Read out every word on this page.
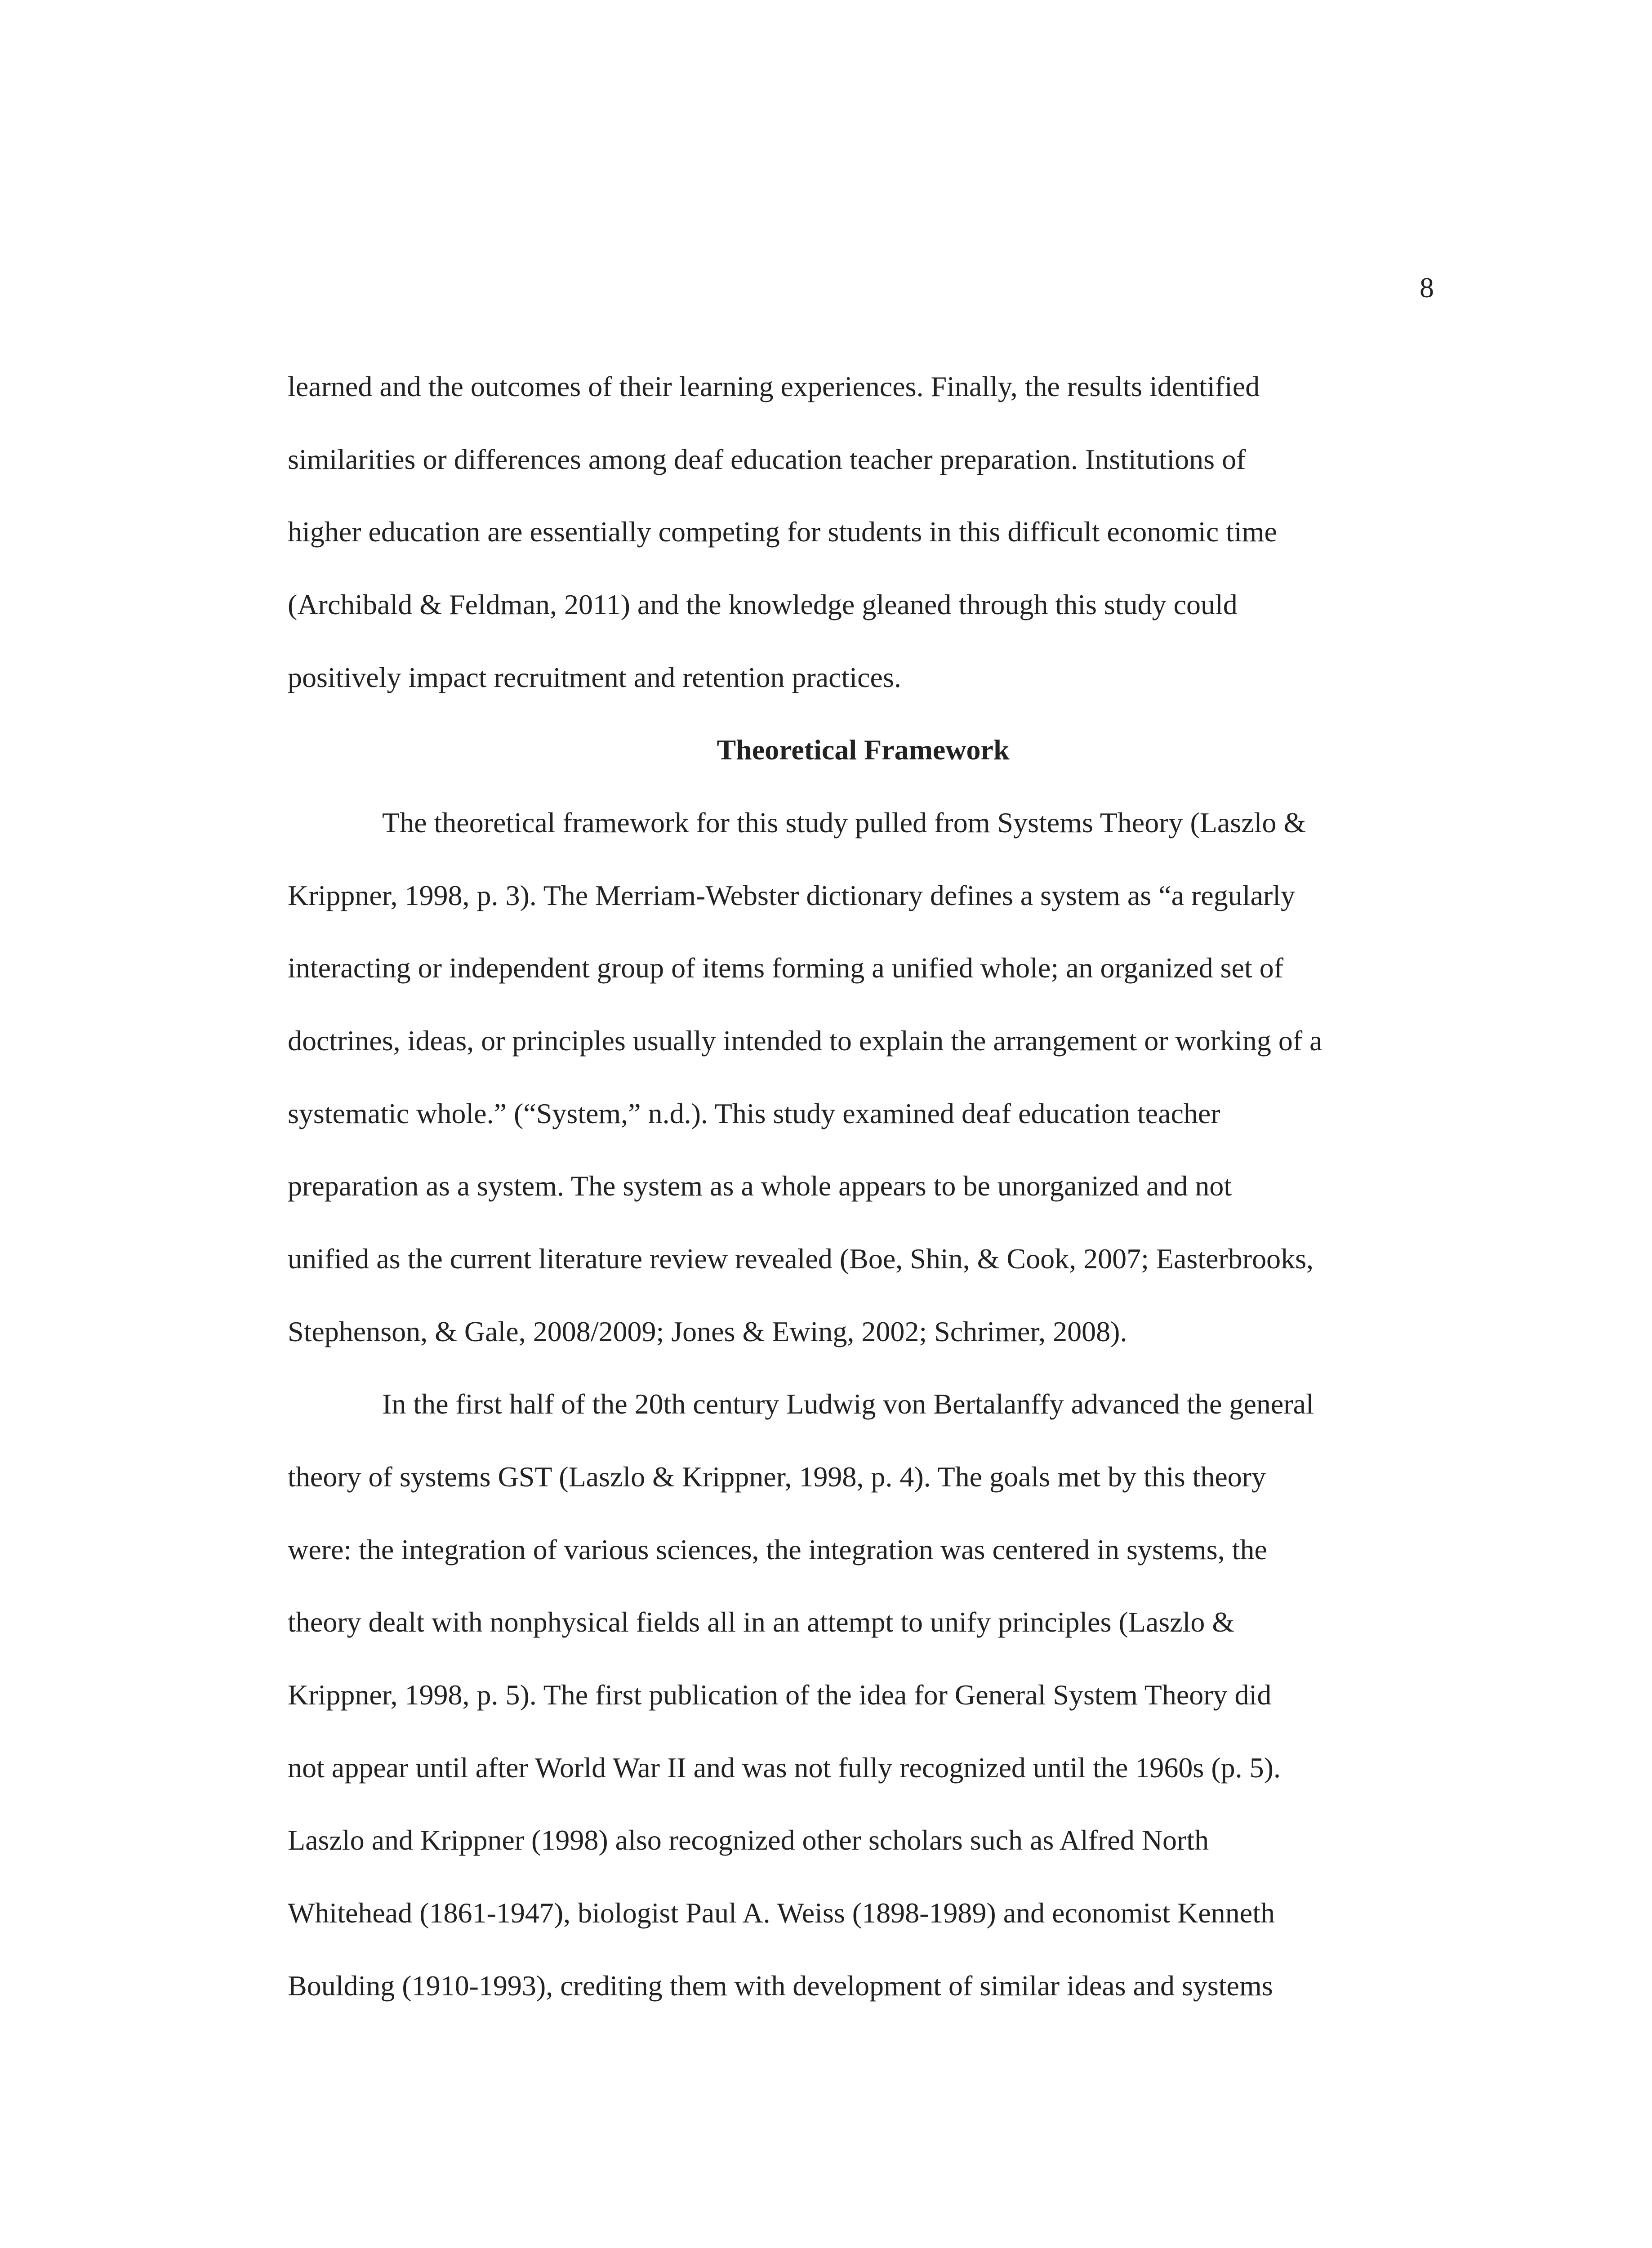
8
learned and the outcomes of their learning experiences. Finally, the results identified
similarities or differences among deaf education teacher preparation. Institutions of
higher education are essentially competing for students in this difficult economic time
(Archibald & Feldman, 2011) and the knowledge gleaned through this study could
positively impact recruitment and retention practices.
Theoretical Framework
The theoretical framework for this study pulled from Systems Theory (Laszlo &
Krippner, 1998, p. 3). The Merriam-Webster dictionary defines a system as “a regularly
interacting or independent group of items forming a unified whole; an organized set of
doctrines, ideas, or principles usually intended to explain the arrangement or working of a
systematic whole.” (“System,” n.d.). This study examined deaf education teacher
preparation as a system. The system as a whole appears to be unorganized and not
unified as the current literature review revealed (Boe, Shin, & Cook, 2007; Easterbrooks,
Stephenson, & Gale, 2008/2009; Jones & Ewing, 2002; Schrimer, 2008).
In the first half of the 20th century Ludwig von Bertalanffy advanced the general
theory of systems GST (Laszlo & Krippner, 1998, p. 4). The goals met by this theory
were: the integration of various sciences, the integration was centered in systems, the
theory dealt with nonphysical fields all in an attempt to unify principles (Laszlo &
Krippner, 1998, p. 5). The first publication of the idea for General System Theory did
not appear until after World War II and was not fully recognized until the 1960s (p. 5).
Laszlo and Krippner (1998) also recognized other scholars such as Alfred North
Whitehead (1861-1947), biologist Paul A. Weiss (1898-1989) and economist Kenneth
Boulding (1910-1993), crediting them with development of similar ideas and systems
